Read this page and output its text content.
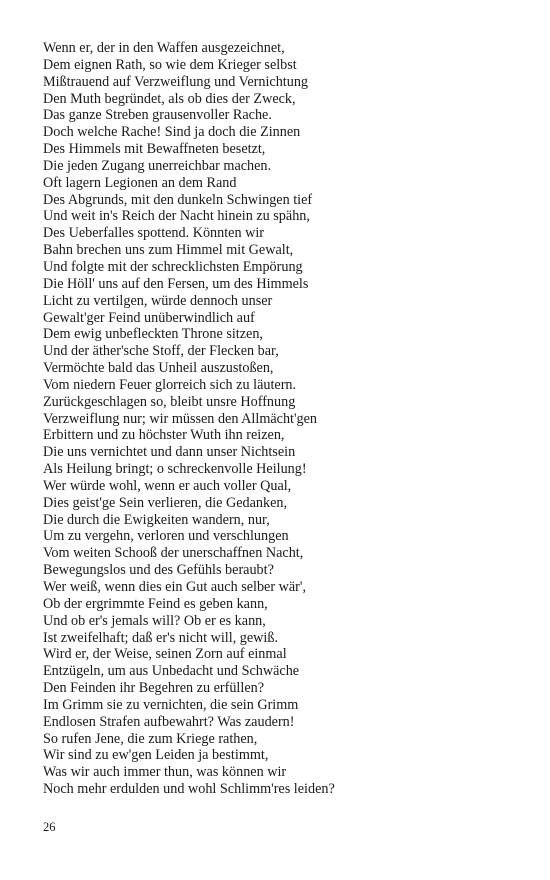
Wenn er, der in den Waffen ausgezeichnet,
Dem eignen Rath, so wie dem Krieger selbst
Mißtrauend auf Verzweiflung und Vernichtung
Den Muth begründet, als ob dies der Zweck,
Das ganze Streben grausenvoller Rache.
Doch welche Rache! Sind ja doch die Zinnen
Des Himmels mit Bewaffneten besetzt,
Die jeden Zugang unerreichbar machen.
Oft lagern Legionen an dem Rand
Des Abgrunds, mit den dunkeln Schwingen tief
Und weit in's Reich der Nacht hinein zu spähn,
Des Ueberfalles spottend. Könnten wir
Bahn brechen uns zum Himmel mit Gewalt,
Und folgte mit der schrecklichsten Empörung
Die Höll' uns auf den Fersen, um des Himmels
Licht zu vertilgen, würde dennoch unser
Gewalt'ger Feind unüberwindlich auf
Dem ewig unbefleckten Throne sitzen,
Und der äther'sche Stoff, der Flecken bar,
Vermöchte bald das Unheil auszustoßen,
Vom niedern Feuer glorreich sich zu läutern.
Zurückgeschlagen so, bleibt unsre Hoffnung
Verzweiflung nur; wir müssen den Allmächt'gen
Erbittern und zu höchster Wuth ihn reizen,
Die uns vernichtet und dann unser Nichtsein
Als Heilung bringt; o schreckenvolle Heilung!
Wer würde wohl, wenn er auch voller Qual,
Dies geist'ge Sein verlieren, die Gedanken,
Die durch die Ewigkeiten wandern, nur,
Um zu vergehn, verloren und verschlungen
Vom weiten Schooß der unerschaffnen Nacht,
Bewegungslos und des Gefühls beraubt?
Wer weiß, wenn dies ein Gut auch selber wär',
Ob der ergrimmte Feind es geben kann,
Und ob er's jemals will? Ob er es kann,
Ist zweifelhaft; daß er's nicht will, gewiß.
Wird er, der Weise, seinen Zorn auf einmal
Entzügeln, um aus Unbedacht und Schwäche
Den Feinden ihr Begehren zu erfüllen?
Im Grimm sie zu vernichten, die sein Grimm
Endlosen Strafen aufbewahrt? Was zaudern!
So rufen Jene, die zum Kriege rathen,
Wir sind zu ew'gen Leiden ja bestimmt,
Was wir auch immer thun, was können wir
Noch mehr erdulden und wohl Schlimm'res leiden?
26
